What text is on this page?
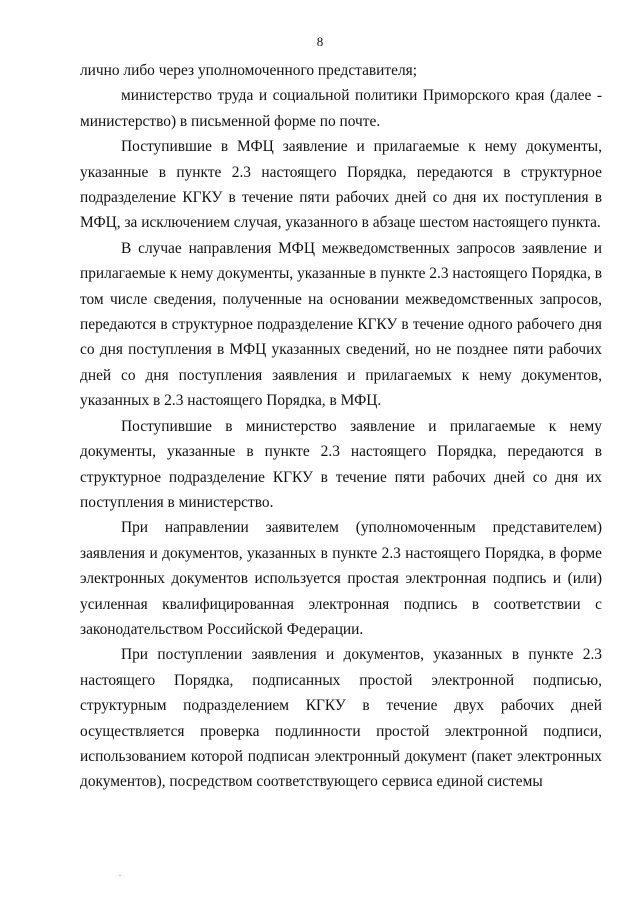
8

лично либо через уполномоченного представителя;

министерство труда и социальной политики Приморского края (далее - министерство) в письменной форме по почте.

Поступившие в МФЦ заявление и прилагаемые к нему документы, указанные в пункте 2.3 настоящего Порядка, передаются в структурное подразделение КГКУ в течение пяти рабочих дней со дня их поступления в МФЦ, за исключением случая, указанного в абзаце шестом настоящего пункта.

В случае направления МФЦ межведомственных запросов заявление и прилагаемые к нему документы, указанные в пункте 2.3 настоящего Порядка, в том числе сведения, полученные на основании межведомственных запросов, передаются в структурное подразделение КГКУ в течение одного рабочего дня со дня поступления в МФЦ указанных сведений, но не позднее пяти рабочих дней со дня поступления заявления и прилагаемых к нему документов, указанных в 2.3 настоящего Порядка, в МФЦ.

Поступившие в министерство заявление и прилагаемые к нему документы, указанные в пункте 2.3 настоящего Порядка, передаются в структурное подразделение КГКУ в течение пяти рабочих дней со дня их поступления в министерство.

При направлении заявителем (уполномоченным представителем) заявления и документов, указанных в пункте 2.3 настоящего Порядка, в форме электронных документов используется простая электронная подпись и (или) усиленная квалифицированная электронная подпись в соответствии с законодательством Российской Федерации.

При поступлении заявления и документов, указанных в пункте 2.3 настоящего Порядка, подписанных простой электронной подписью, структурным подразделением КГКУ в течение двух рабочих дней осуществляется проверка подлинности простой электронной подписи, использованием которой подписан электронный документ (пакет электронных документов), посредством соответствующего сервиса единой системы
